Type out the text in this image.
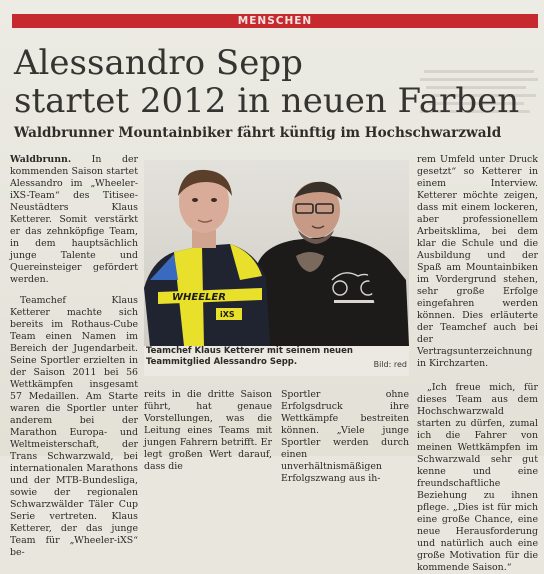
MENSCHEN
Alessandro Sepp
startet 2012 in neuen Farben
Waldbrunner Mountainbiker fährt künftig im Hochschwarzwald

Waldbrunn. In der kommenden Saison startet Alessandro im „Wheeler-iXS-Team“ des Titisee-Neustädters Klaus Ketterer. Somit verstärkt er das zehnköpfige Team, in dem hauptsächlich junge Talente und Quereinsteiger gefördert werden.

Teamchef Klaus Ketterer machte sich bereits im Rothaus-Cube Team einen Namen im Bereich der Jugendarbeit. Seine Sportler erzielten in der Saison 2011 bei 56 Wettkämpfen insgesamt 57 Medaillen. Am Starte waren die Sportler unter anderem bei der Marathon Europa- und Weltmeisterschaft, der Trans Schwarzwald, bei internationalen Marathons und der MTB-Bundesliga, sowie der regionalen Schwarzwälder Täler Cup Serie vertreten. Klaus Ketterer, der das junge Team für „Wheeler-iXS“ be-

WHEELER
iXS
Teamchef Klaus Ketterer mit seinem neuen Teammitglied Alessandro Sepp.	Bild: red

reits in die dritte Saison führt, hat genaue Vorstellungen, was die Leitung eines Teams mit jungen Fahrern betrifft. Er legt großen Wert darauf, dass die

Sportler ohne Erfolgsdruck ihre Wettkämpfe bestreiten können. „Viele junge Sportler werden durch einen unverhältnismäßigen Erfolgszwang aus ih-

rem Umfeld unter Druck gesetzt“ so Ketterer in einem Interview. Ketterer möchte zeigen, dass mit einem lockeren, aber professionellem Arbeitsklima, bei dem klar die Schule und die Ausbildung und der Spaß am Mountainbiken im Vordergrund stehen, sehr große Erfolge eingefahren werden können. Dies erläuterte der Teamchef auch bei der Vertragsunterzeichnung in Kirchzarten.

„Ich freue mich, für dieses Team aus dem Hochschwarzwald starten zu dürfen, zumal ich die Fahrer von meinen Wettkämpfen im Schwarzwald sehr gut kenne und eine freundschaftliche Beziehung zu ihnen pflege. „Dies ist für mich eine große Chance, eine neue Herausforderung und natürlich auch eine große Motivation für die kommende Saison.“
